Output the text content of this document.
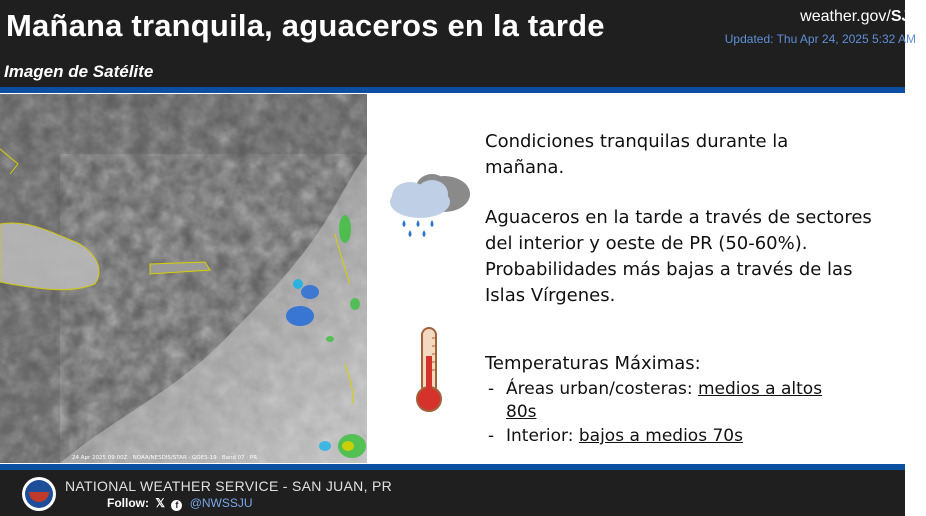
Mañana tranquila, aguaceros en la tarde
Imagen de Satélite
weather.gov/SJU
Updated: Thu Apr 24, 2025 5:32 AM
24 Apr 2025 09:00Z · NOAA/NESDIS/STAR · GOES-19 · Band 07 · PR
Condiciones tranquilas durante la mañana.
Aguaceros en la tarde a través de sectores del interior y oeste de PR (50-60%). Probabilidades más bajas a través de las Islas Vírgenes.
Temperaturas Máximas:
- Áreas urban/costeras: medios a altos
80s
- Interior: bajos a medios 70s
NATIONAL WEATHER SERVICE - SAN JUAN, PR
Follow: 𝕏 f @NWSSJU
